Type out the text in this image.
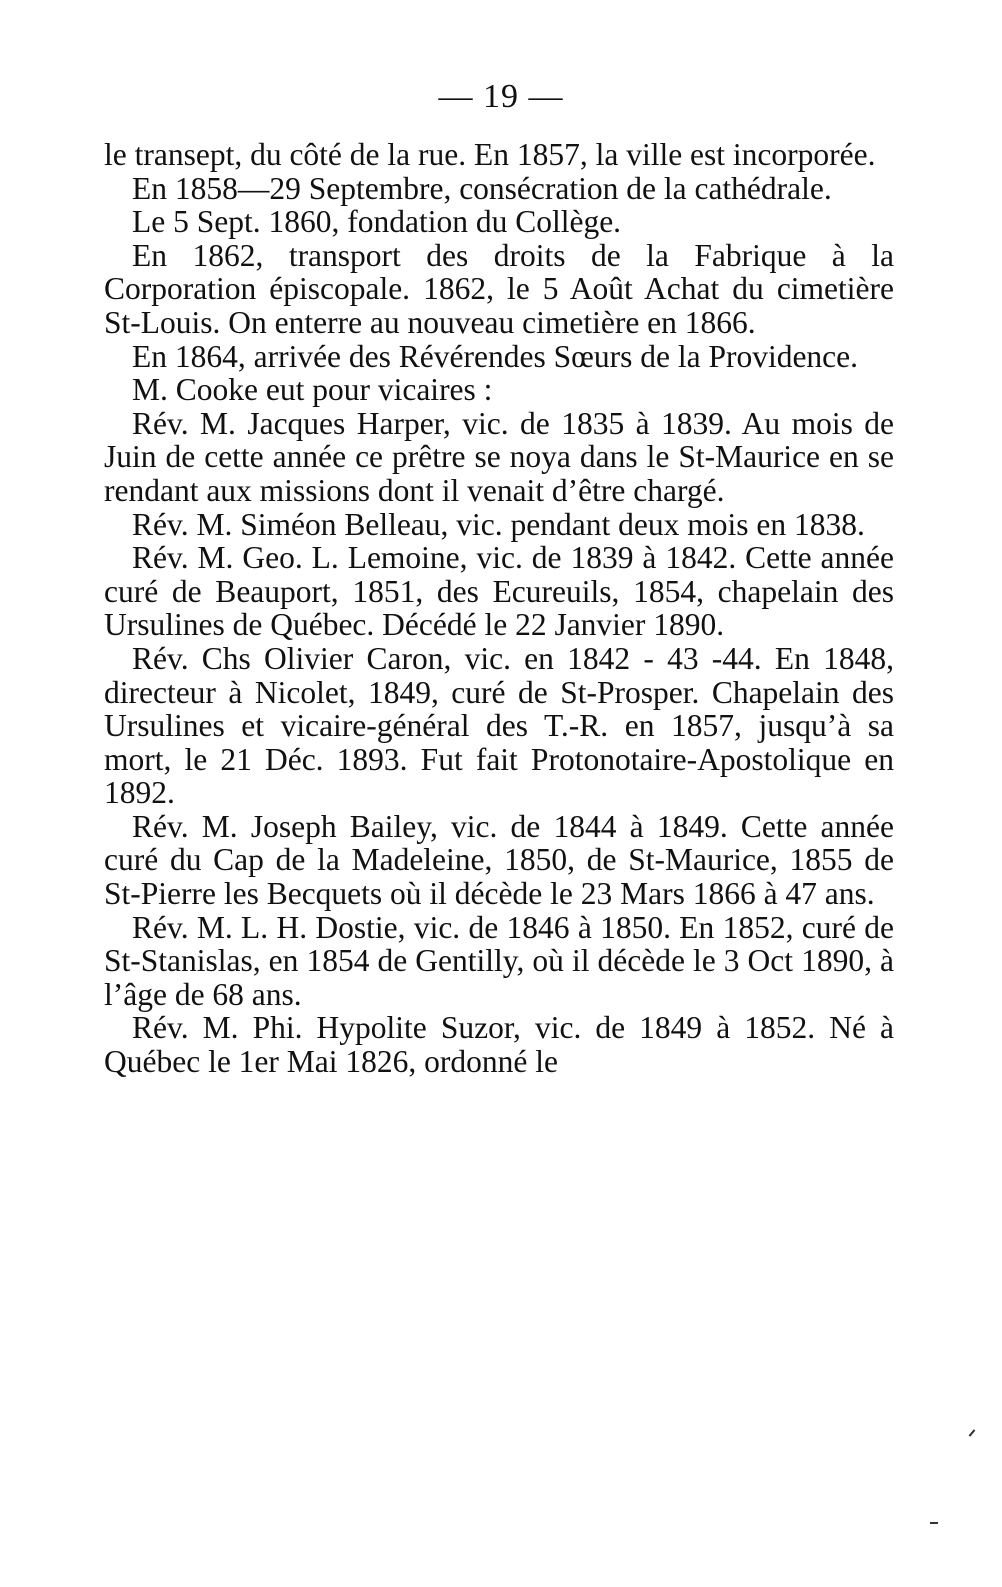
— 19 —

le transept, du côté de la rue. En 1857, la ville est incorporée.

En 1858—29 Septembre, consécration de la cathédrale.

Le 5 Sept. 1860, fondation du Collège.

En 1862, transport des droits de la Fabrique à la Corporation épiscopale. 1862, le 5 Août Achat du cimetière St-Louis. On enterre au nouveau cimetière en 1866.

En 1864, arrivée des Révérendes Sœurs de la Providence.

M. Cooke eut pour vicaires :

Rév. M. Jacques Harper, vic. de 1835 à 1839. Au mois de Juin de cette année ce prêtre se noya dans le St-Maurice en se rendant aux missions dont il venait d’être chargé.

Rév. M. Siméon Belleau, vic. pendant deux mois en 1838.

Rév. M. Geo. L. Lemoine, vic. de 1839 à 1842. Cette année curé de Beauport, 1851, des Ecureuils, 1854, chapelain des Ursulines de Québec. Décédé le 22 Janvier 1890.

Rév. Chs Olivier Caron, vic. en 1842 - 43 -44. En 1848, directeur à Nicolet, 1849, curé de St-Prosper. Chapelain des Ursulines et vicaire-général des T.-R. en 1857, jusqu’à sa mort, le 21 Déc. 1893. Fut fait Protonotaire-Apostolique en 1892.

Rév. M. Joseph Bailey, vic. de 1844 à 1849. Cette année curé du Cap de la Madeleine, 1850, de St-Maurice, 1855 de St-Pierre les Becquets où il décède le 23 Mars 1866 à 47 ans.

Rév. M. L. H. Dostie, vic. de 1846 à 1850. En 1852, curé de St-Stanislas, en 1854 de Gentilly, où il décède le 3 Oct 1890, à l’âge de 68 ans.

Rév. M. Phi. Hypolite Suzor, vic. de 1849 à 1852. Né à Québec le 1er Mai 1826, ordonné le
